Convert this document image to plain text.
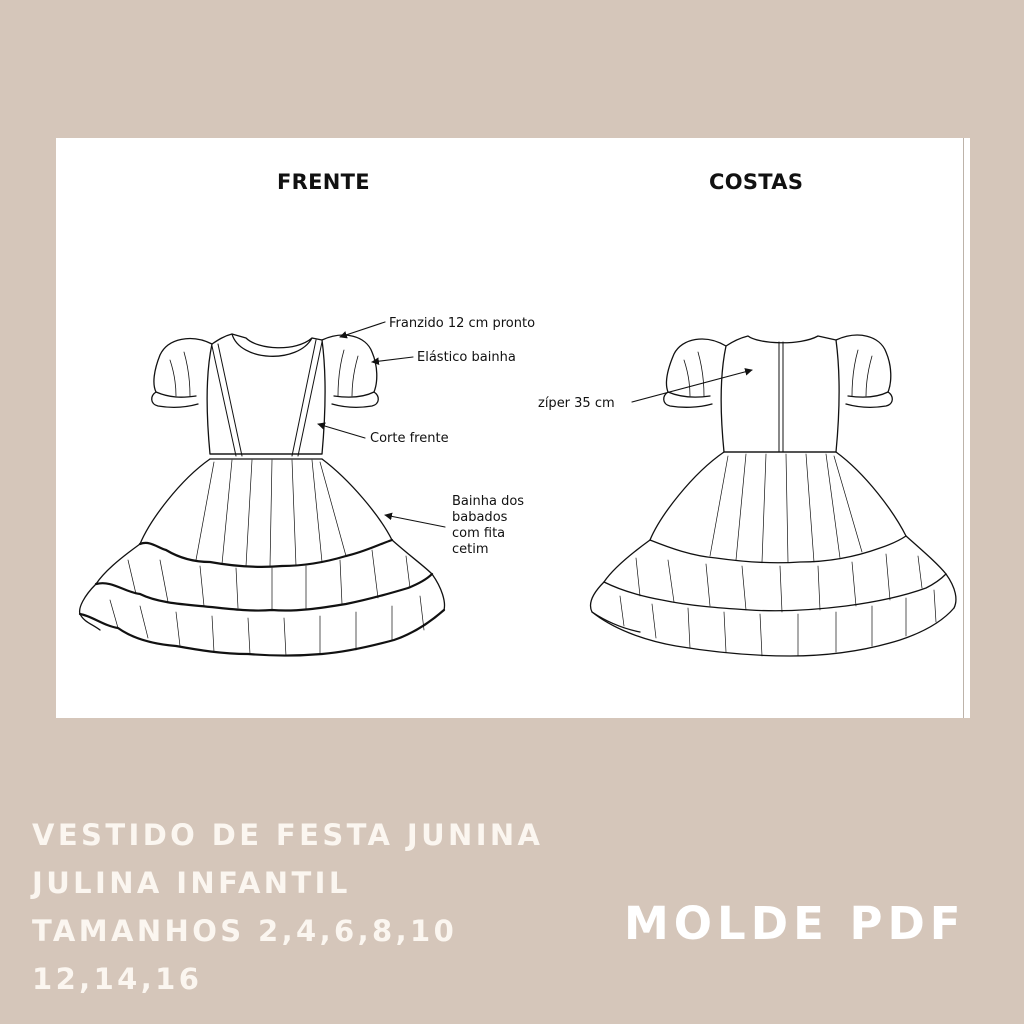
FRENTE	COSTAS
Franzido 12 cm pronto
Elástico bainha
Corte frente
Bainha dos
babados
com fita
cetim
zíper 35 cm
VESTIDO DE FESTA JUNINA
JULINA INFANTIL
TAMANHOS 2,4,6,8,10
12,14,16
MOLDE PDF
